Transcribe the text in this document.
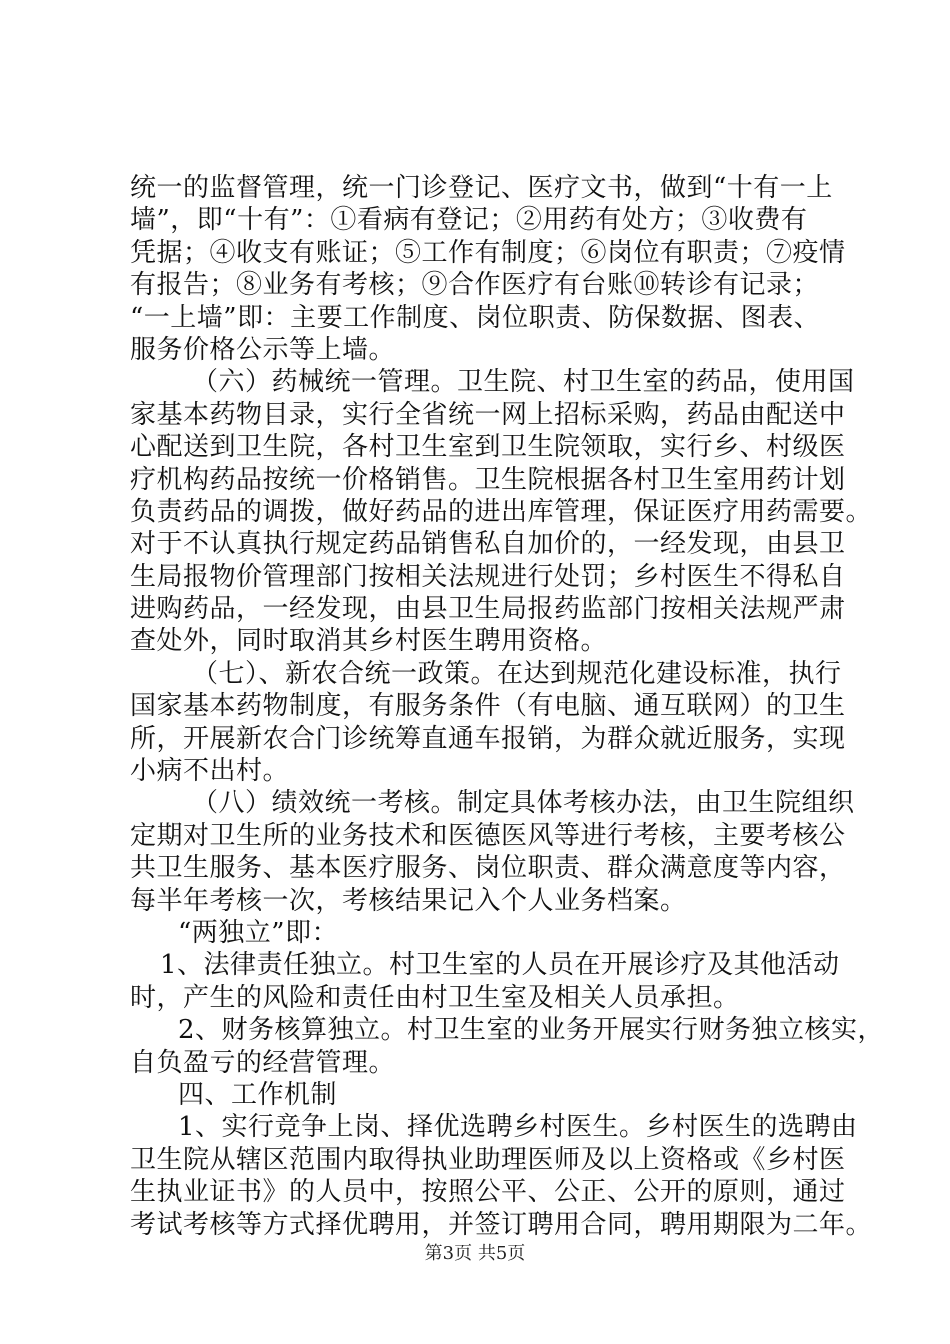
统一的监督管理，统一门诊登记、医疗文书，做到“十有一上
墙”，即“十有”：①看病有登记；②用药有处方；③收费有
凭据；④收支有账证；⑤工作有制度；⑥岗位有职责；⑦疫情
有报告；⑧业务有考核；⑨合作医疗有台账⑩转诊有记录；
“一上墙”即：主要工作制度、岗位职责、防保数据、图表、
服务价格公示等上墙。
（六）药械统一管理。卫生院、村卫生室的药品，使用国
家基本药物目录，实行全省统一网上招标采购，药品由配送中
心配送到卫生院，各村卫生室到卫生院领取，实行乡、村级医
疗机构药品按统一价格销售。卫生院根据各村卫生室用药计划
负责药品的调拨，做好药品的进出库管理，保证医疗用药需要。
对于不认真执行规定药品销售私自加价的，一经发现，由县卫
生局报物价管理部门按相关法规进行处罚；乡村医生不得私自
进购药品，一经发现，由县卫生局报药监部门按相关法规严肃
查处外，同时取消其乡村医生聘用资格。
（七）、新农合统一政策。在达到规范化建设标准，执行
国家基本药物制度，有服务条件（有电脑、通互联网）的卫生
所，开展新农合门诊统筹直通车报销，为群众就近服务，实现
小病不出村。
（八）绩效统一考核。制定具体考核办法，由卫生院组织
定期对卫生所的业务技术和医德医风等进行考核，主要考核公
共卫生服务、基本医疗服务、岗位职责、群众满意度等内容，
每半年考核一次，考核结果记入个人业务档案。
“两独立”即：
1、法律责任独立。村卫生室的人员在开展诊疗及其他活动
时，产生的风险和责任由村卫生室及相关人员承担。
2、财务核算独立。村卫生室的业务开展实行财务独立核实，
自负盈亏的经营管理。
四、工作机制
1、实行竞争上岗、择优选聘乡村医生。乡村医生的选聘由
卫生院从辖区范围内取得执业助理医师及以上资格或《乡村医
生执业证书》的人员中，按照公平、公正、公开的原则，通过
考试考核等方式择优聘用，并签订聘用合同，聘用期限为二年。
第3页 共5页
